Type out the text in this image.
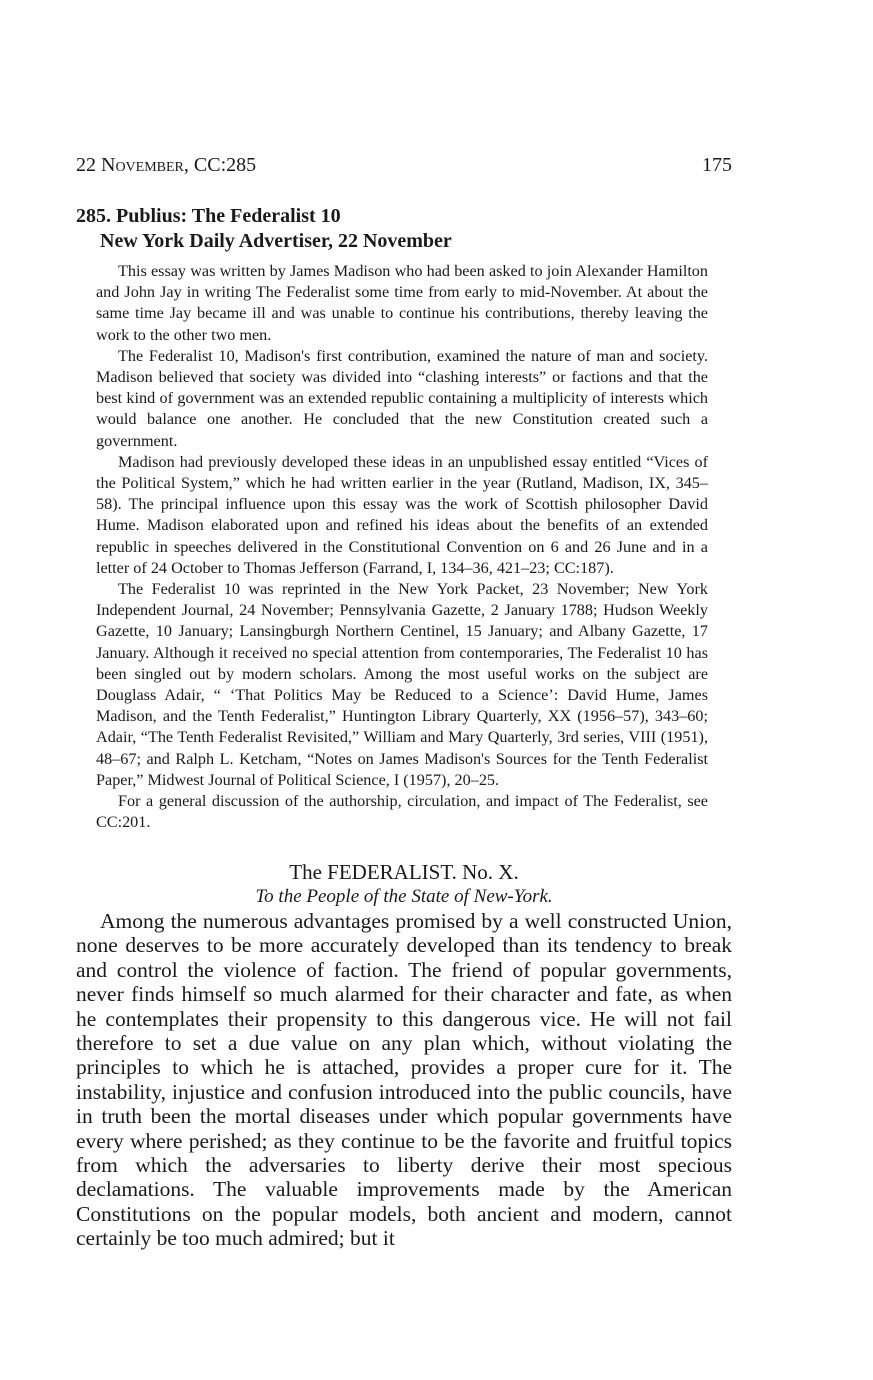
22 November, CC:285	175
285. Publius: The Federalist 10
New York Daily Advertiser, 22 November

This essay was written by James Madison who had been asked to join Alexander Hamilton and John Jay in writing The Federalist some time from early to mid-November. At about the same time Jay became ill and was unable to continue his contributions, thereby leaving the work to the other two men.

The Federalist 10, Madison's first contribution, examined the nature of man and society. Madison believed that society was divided into “clashing interests” or factions and that the best kind of government was an extended republic containing a multiplicity of interests which would balance one another. He concluded that the new Constitution created such a government.

Madison had previously developed these ideas in an unpublished essay entitled “Vices of the Political System,” which he had written earlier in the year (Rutland, Madison, IX, 345–58). The principal influence upon this essay was the work of Scottish philosopher David Hume. Madison elaborated upon and refined his ideas about the benefits of an extended republic in speeches delivered in the Constitutional Convention on 6 and 26 June and in a letter of 24 October to Thomas Jefferson (Farrand, I, 134–36, 421–23; CC:187).

The Federalist 10 was reprinted in the New York Packet, 23 November; New York Independent Journal, 24 November; Pennsylvania Gazette, 2 January 1788; Hudson Weekly Gazette, 10 January; Lansingburgh Northern Centinel, 15 January; and Albany Gazette, 17 January. Although it received no special attention from contemporaries, The Federalist 10 has been singled out by modern scholars. Among the most useful works on the subject are Douglass Adair, “ ‘That Politics May be Reduced to a Science’: David Hume, James Madison, and the Tenth Federalist,” Huntington Library Quarterly, XX (1956–57), 343–60; Adair, “The Tenth Federalist Revisited,” William and Mary Quarterly, 3rd series, VIII (1951), 48–67; and Ralph L. Ketcham, “Notes on James Madison's Sources for the Tenth Federalist Paper,” Midwest Journal of Political Science, I (1957), 20–25.

For a general discussion of the authorship, circulation, and impact of The Federalist, see CC:201.

The FEDERALIST. No. X.
To the People of the State of New-York.

Among the numerous advantages promised by a well constructed Union, none deserves to be more accurately developed than its tendency to break and control the violence of faction. The friend of popular governments, never finds himself so much alarmed for their character and fate, as when he contemplates their propensity to this dangerous vice. He will not fail therefore to set a due value on any plan which, without violating the principles to which he is attached, provides a proper cure for it. The instability, injustice and confusion introduced into the public councils, have in truth been the mortal diseases under which popular governments have every where perished; as they continue to be the favorite and fruitful topics from which the adversaries to liberty derive their most specious declamations. The valuable improvements made by the American Constitutions on the popular models, both ancient and modern, cannot certainly be too much admired; but it
